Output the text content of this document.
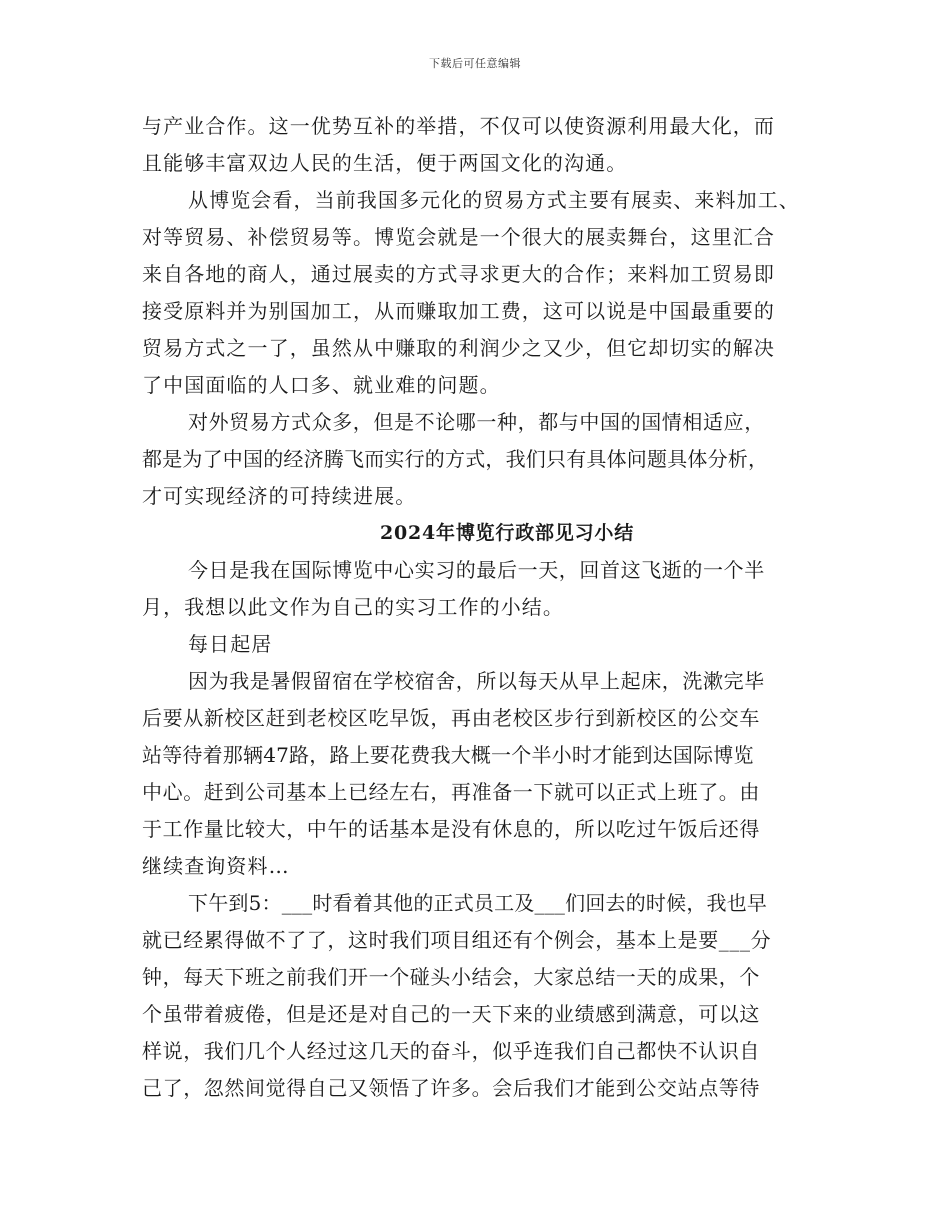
下载后可任意编辑
与产业合作。这一优势互补的举措，不仅可以使资源利用最大化，而
且能够丰富双边人民的生活，便于两国文化的沟通。
从博览会看，当前我国多元化的贸易方式主要有展卖、来料加工、
对等贸易、补偿贸易等。博览会就是一个很大的展卖舞台，这里汇合
来自各地的商人，通过展卖的方式寻求更大的合作；来料加工贸易即
接受原料并为别国加工，从而赚取加工费，这可以说是中国最重要的
贸易方式之一了，虽然从中赚取的利润少之又少，但它却切实的解决
了中国面临的人口多、就业难的问题。
对外贸易方式众多，但是不论哪一种，都与中国的国情相适应，
都是为了中国的经济腾飞而实行的方式，我们只有具体问题具体分析，
才可实现经济的可持续进展。
2024年博览行政部见习小结
今日是我在国际博览中心实习的最后一天，回首这飞逝的一个半
月，我想以此文作为自己的实习工作的小结。
每日起居
因为我是暑假留宿在学校宿舍，所以每天从早上起床，洗漱完毕
后要从新校区赶到老校区吃早饭，再由老校区步行到新校区的公交车
站等待着那辆47路，路上要花费我大概一个半小时才能到达国际博览
中心。赶到公司基本上已经左右，再准备一下就可以正式上班了。由
于工作量比较大，中午的话基本是没有休息的，所以吃过午饭后还得
继续查询资料…
下午到5：___时看着其他的正式员工及___们回去的时候，我也早
就已经累得做不了了，这时我们项目组还有个例会，基本上是要___分
钟，每天下班之前我们开一个碰头小结会，大家总结一天的成果，个
个虽带着疲倦，但是还是对自己的一天下来的业绩感到满意，可以这
样说，我们几个人经过这几天的奋斗，似乎连我们自己都快不认识自
己了，忽然间觉得自己又领悟了许多。会后我们才能到公交站点等待
